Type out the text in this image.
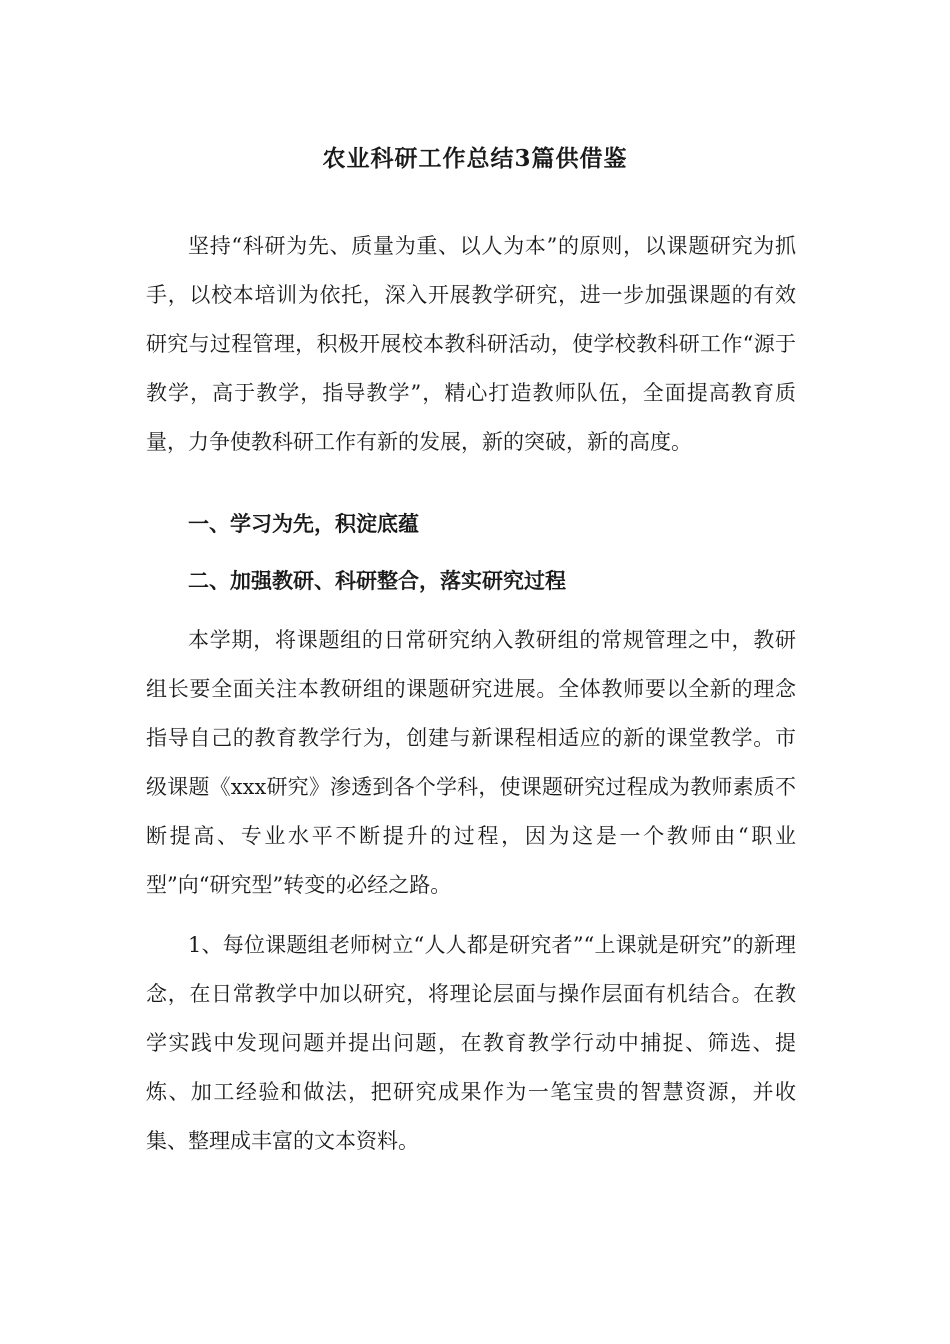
农业科研工作总结3篇供借鉴

坚持“科研为先、质量为重、以人为本”的原则，以课题研究为抓手，以校本培训为依托，深入开展教学研究，进一步加强课题的有效研究与过程管理，积极开展校本教科研活动，使学校教科研工作“源于教学，高于教学，指导教学”，精心打造教师队伍，全面提高教育质量，力争使教科研工作有新的发展，新的突破，新的高度。

一、学习为先，积淀底蕴

二、加强教研、科研整合，落实研究过程

本学期，将课题组的日常研究纳入教研组的常规管理之中，教研组长要全面关注本教研组的课题研究进展。全体教师要以全新的理念指导自己的教育教学行为，创建与新课程相适应的新的课堂教学。市级课题《xxx研究》渗透到各个学科，使课题研究过程成为教师素质不断提高、专业水平不断提升的过程，因为这是一个教师由“职业型”向“研究型”转变的必经之路。

1、每位课题组老师树立“人人都是研究者”“上课就是研究”的新理念，在日常教学中加以研究，将理论层面与操作层面有机结合。在教学实践中发现问题并提出问题，在教育教学行动中捕捉、筛选、提炼、加工经验和做法，把研究成果作为一笔宝贵的智慧资源，并收集、整理成丰富的文本资料。
